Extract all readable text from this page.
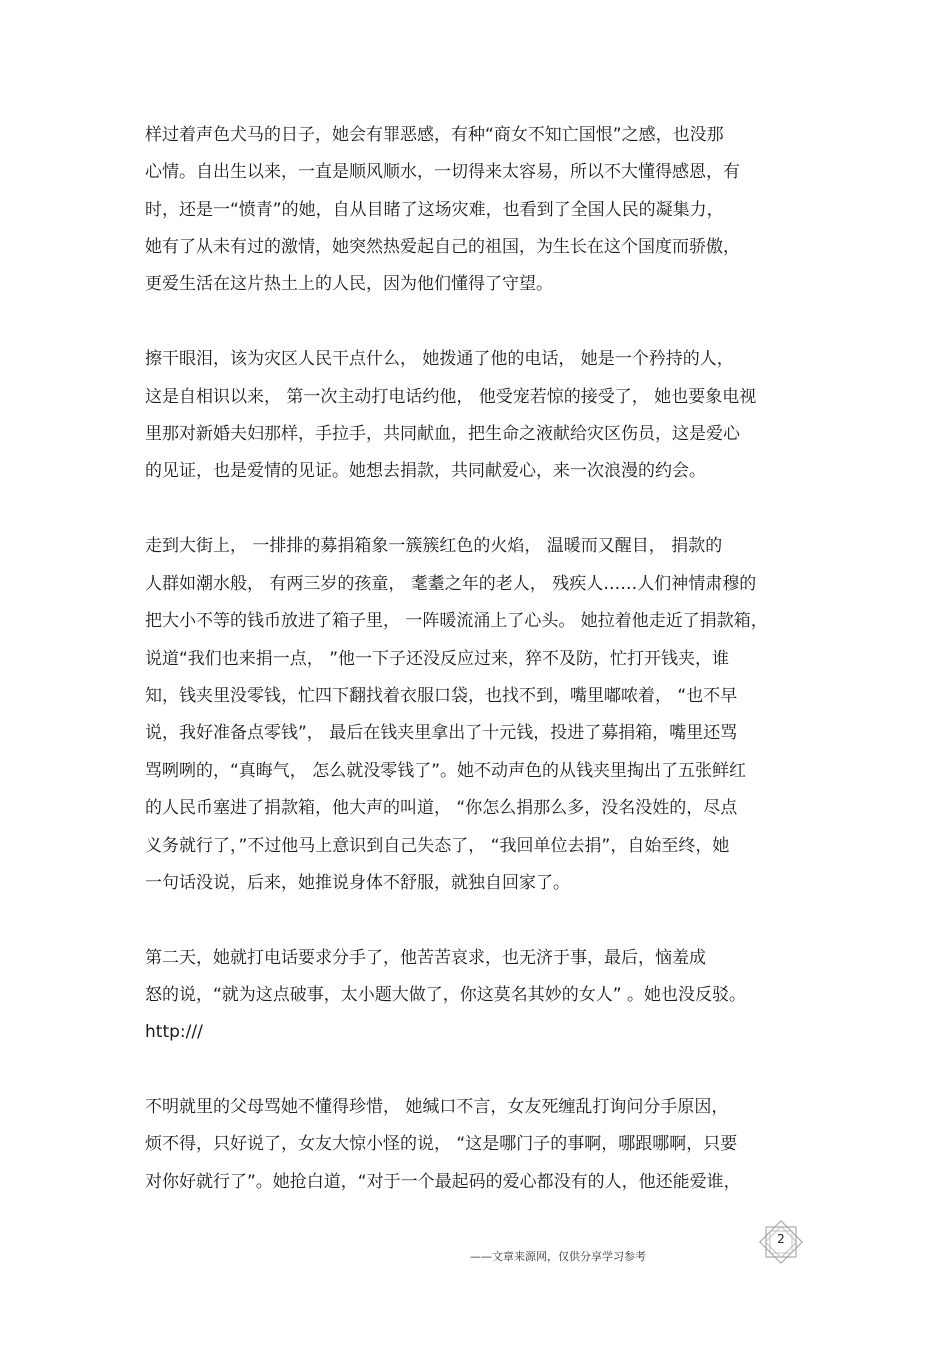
样过着声色犬马的日子，她会有罪恶感，有种“商女不知亡国恨”之感，也没那
心情。自出生以来，一直是顺风顺水，一切得来太容易，所以不大懂得感恩，有
时，还是一“愤青”的她，自从目睹了这场灾难，也看到了全国人民的凝集力，
她有了从未有过的激情，她突然热爱起自己的祖国，为生长在这个国度而骄傲，
更爱生活在这片热土上的人民，因为他们懂得了守望。
擦干眼泪，该为灾区人民干点什么， 她拨通了他的电话， 她是一个矜持的人，
这是自相识以来， 第一次主动打电话约他， 他受宠若惊的接受了， 她也要象电视
里那对新婚夫妇那样，手拉手，共同献血，把生命之液献给灾区伤员，这是爱心
的见证，也是爱情的见证。她想去捐款，共同献爱心，来一次浪漫的约会。
走到大街上， 一排排的募捐箱象一簇簇红色的火焰， 温暖而又醒目， 捐款的
人群如潮水般， 有两三岁的孩童， 耄耋之年的老人， 残疾人……人们神情肃穆的
把大小不等的钱币放进了箱子里， 一阵暖流涌上了心头。 她拉着他走近了捐款箱，
说道“我们也来捐一点， ”他一下子还没反应过来，猝不及防，忙打开钱夹，谁
知，钱夹里没零钱，忙四下翻找着衣服口袋，也找不到，嘴里嘟哝着， “也不早
说，我好准备点零钱”， 最后在钱夹里拿出了十元钱，投进了募捐箱，嘴里还骂
骂咧咧的，“真晦气， 怎么就没零钱了”。她不动声色的从钱夹里掏出了五张鲜红
的人民币塞进了捐款箱，他大声的叫道， “你怎么捐那么多，没名没姓的，尽点
义务就行了，”不过他马上意识到自己失态了， “我回单位去捐”，自始至终，她
一句话没说，后来，她推说身体不舒服，就独自回家了。
第二天，她就打电话要求分手了，他苦苦哀求，也无济于事，最后，恼羞成
怒的说，“就为这点破事，太小题大做了，你这莫名其妙的女人” 。她也没反驳。
http:///
不明就里的父母骂她不懂得珍惜， 她缄口不言，女友死缠乱打询问分手原因，
烦不得，只好说了，女友大惊小怪的说， “这是哪门子的事啊，哪跟哪啊，只要
对你好就行了”。她抢白道，“对于一个最起码的爱心都没有的人，他还能爱谁，
——文章来源网，仅供分享学习参考
2
